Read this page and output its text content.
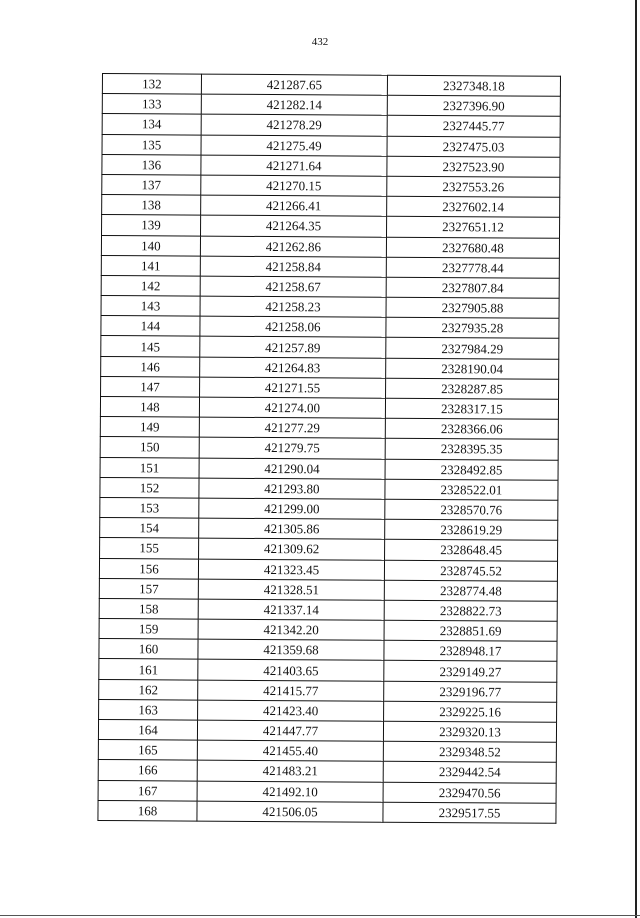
432
132	421287.65	2327348.18
133	421282.14	2327396.90
134	421278.29	2327445.77
135	421275.49	2327475.03
136	421271.64	2327523.90
137	421270.15	2327553.26
138	421266.41	2327602.14
139	421264.35	2327651.12
140	421262.86	2327680.48
141	421258.84	2327778.44
142	421258.67	2327807.84
143	421258.23	2327905.88
144	421258.06	2327935.28
145	421257.89	2327984.29
146	421264.83	2328190.04
147	421271.55	2328287.85
148	421274.00	2328317.15
149	421277.29	2328366.06
150	421279.75	2328395.35
151	421290.04	2328492.85
152	421293.80	2328522.01
153	421299.00	2328570.76
154	421305.86	2328619.29
155	421309.62	2328648.45
156	421323.45	2328745.52
157	421328.51	2328774.48
158	421337.14	2328822.73
159	421342.20	2328851.69
160	421359.68	2328948.17
161	421403.65	2329149.27
162	421415.77	2329196.77
163	421423.40	2329225.16
164	421447.77	2329320.13
165	421455.40	2329348.52
166	421483.21	2329442.54
167	421492.10	2329470.56
168	421506.05	2329517.55
